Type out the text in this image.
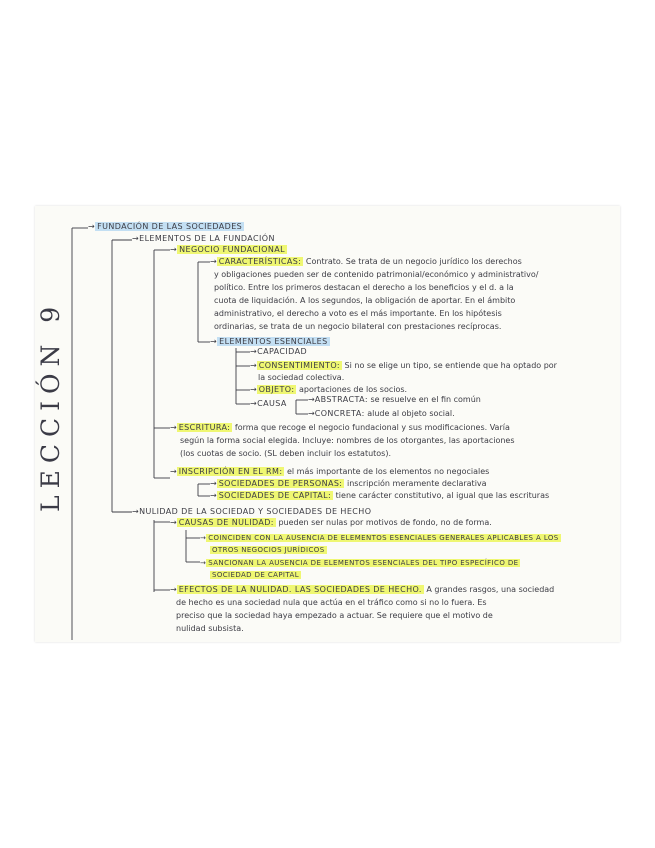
LECCIÓN 9
→ FUNDACIÓN DE LAS SOCIEDADES
→ELEMENTOS DE LA FUNDACIÓN
→ NEGOCIO FUNDACIONAL
→ CARACTERÍSTICAS: Contrato. Se trata de un negocio jurídico los derechos
y obligaciones pueden ser de contenido patrimonial/económico y administrativo/
político. Entre los primeros destacan el derecho a los beneficios y el d. a la
cuota de liquidación. A los segundos, la obligación de aportar. En el ámbito
administrativo, el derecho a voto es el más importante. En los hipótesis
ordinarias, se trata de un negocio bilateral con prestaciones recíprocas.
→ ELEMENTOS ESENCIALES
→CAPACIDAD
→ CONSENTIMIENTO: Si no se elige un tipo, se entiende que ha optado por
la sociedad colectiva.
→ OBJETO: aportaciones de los socios.
→CAUSA	→ABSTRACTA: se resuelve en el fin común
→CONCRETA: alude al objeto social.
→ ESCRITURA: forma que recoge el negocio fundacional y sus modificaciones. Varía
según la forma social elegida. Incluye: nombres de los otorgantes, las aportaciones
(los cuotas de socio. (SL deben incluir los estatutos).
→ INSCRIPCIÓN EN EL RM: el más importante de los elementos no negociales
→ SOCIEDADES DE PERSONAS: inscripción meramente declarativa
→ SOCIEDADES DE CAPITAL: tiene carácter constitutivo, al igual que las escrituras
→NULIDAD DE LA SOCIEDAD Y SOCIEDADES DE HECHO
→ CAUSAS DE NULIDAD: pueden ser nulas por motivos de fondo, no de forma.
→ COINCIDEN CON LA AUSENCIA DE ELEMENTOS ESENCIALES GENERALES APLICABLES A LOS
OTROS NEGOCIOS JURÍDICOS
→ SANCIONAN LA AUSENCIA DE ELEMENTOS ESENCIALES DEL TIPO ESPECÍFICO DE
SOCIEDAD DE CAPITAL
→ EFECTOS DE LA NULIDAD. LAS SOCIEDADES DE HECHO. A grandes rasgos, una sociedad
de hecho es una sociedad nula que actúa en el tráfico como si no lo fuera. Es
preciso que la sociedad haya empezado a actuar. Se requiere que el motivo de
nulidad subsista.
